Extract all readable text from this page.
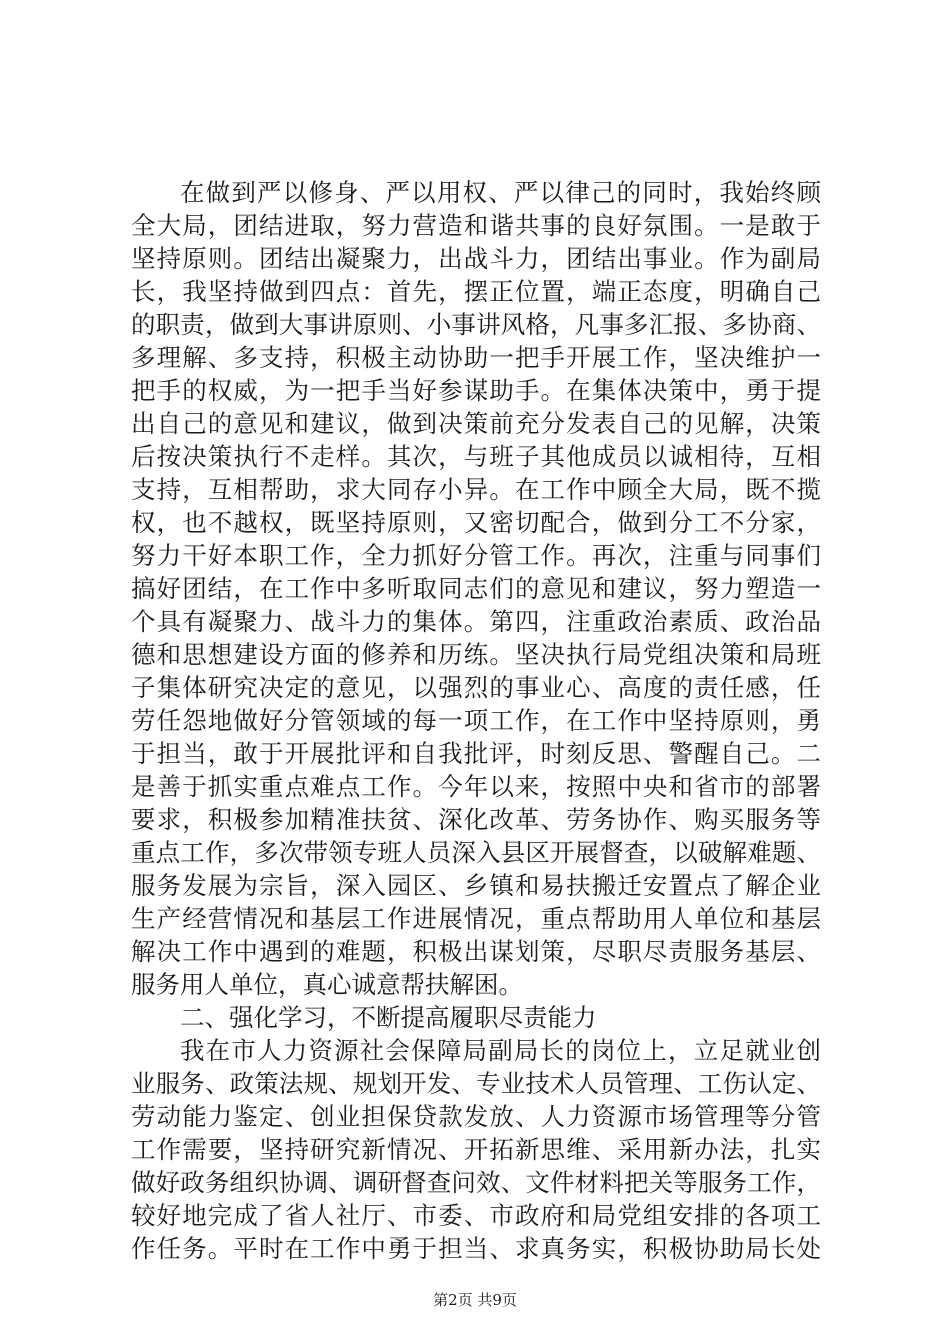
在做到严以修身、严以用权、严以律己的同时，我始终顾
全大局，团结进取，努力营造和谐共事的良好氛围。一是敢于
坚持原则。团结出凝聚力，出战斗力，团结出事业。作为副局
长，我坚持做到四点：首先，摆正位置，端正态度，明确自己
的职责，做到大事讲原则、小事讲风格，凡事多汇报、多协商、
多理解、多支持，积极主动协助一把手开展工作，坚决维护一
把手的权威，为一把手当好参谋助手。在集体决策中，勇于提
出自己的意见和建议，做到决策前充分发表自己的见解，决策
后按决策执行不走样。其次，与班子其他成员以诚相待，互相
支持，互相帮助，求大同存小异。在工作中顾全大局，既不揽
权，也不越权，既坚持原则，又密切配合，做到分工不分家，
努力干好本职工作，全力抓好分管工作。再次，注重与同事们
搞好团结，在工作中多听取同志们的意见和建议，努力塑造一
个具有凝聚力、战斗力的集体。第四，注重政治素质、政治品
德和思想建设方面的修养和历练。坚决执行局党组决策和局班
子集体研究决定的意见，以强烈的事业心、高度的责任感，任
劳任怨地做好分管领域的每一项工作，在工作中坚持原则，勇
于担当，敢于开展批评和自我批评，时刻反思、警醒自己。二
是善于抓实重点难点工作。今年以来，按照中央和省市的部署
要求，积极参加精准扶贫、深化改革、劳务协作、购买服务等
重点工作，多次带领专班人员深入县区开展督查，以破解难题、
服务发展为宗旨，深入园区、乡镇和易扶搬迁安置点了解企业
生产经营情况和基层工作进展情况，重点帮助用人单位和基层
解决工作中遇到的难题，积极出谋划策，尽职尽责服务基层、
服务用人单位，真心诚意帮扶解困。
二、强化学习，不断提高履职尽责能力
我在市人力资源社会保障局副局长的岗位上，立足就业创
业服务、政策法规、规划开发、专业技术人员管理、工伤认定、
劳动能力鉴定、创业担保贷款发放、人力资源市场管理等分管
工作需要，坚持研究新情况、开拓新思维、采用新办法，扎实
做好政务组织协调、调研督查问效、文件材料把关等服务工作，
较好地完成了省人社厅、市委、市政府和局党组安排的各项工
作任务。平时在工作中勇于担当、求真务实，积极协助局长处
第2页 共9页
